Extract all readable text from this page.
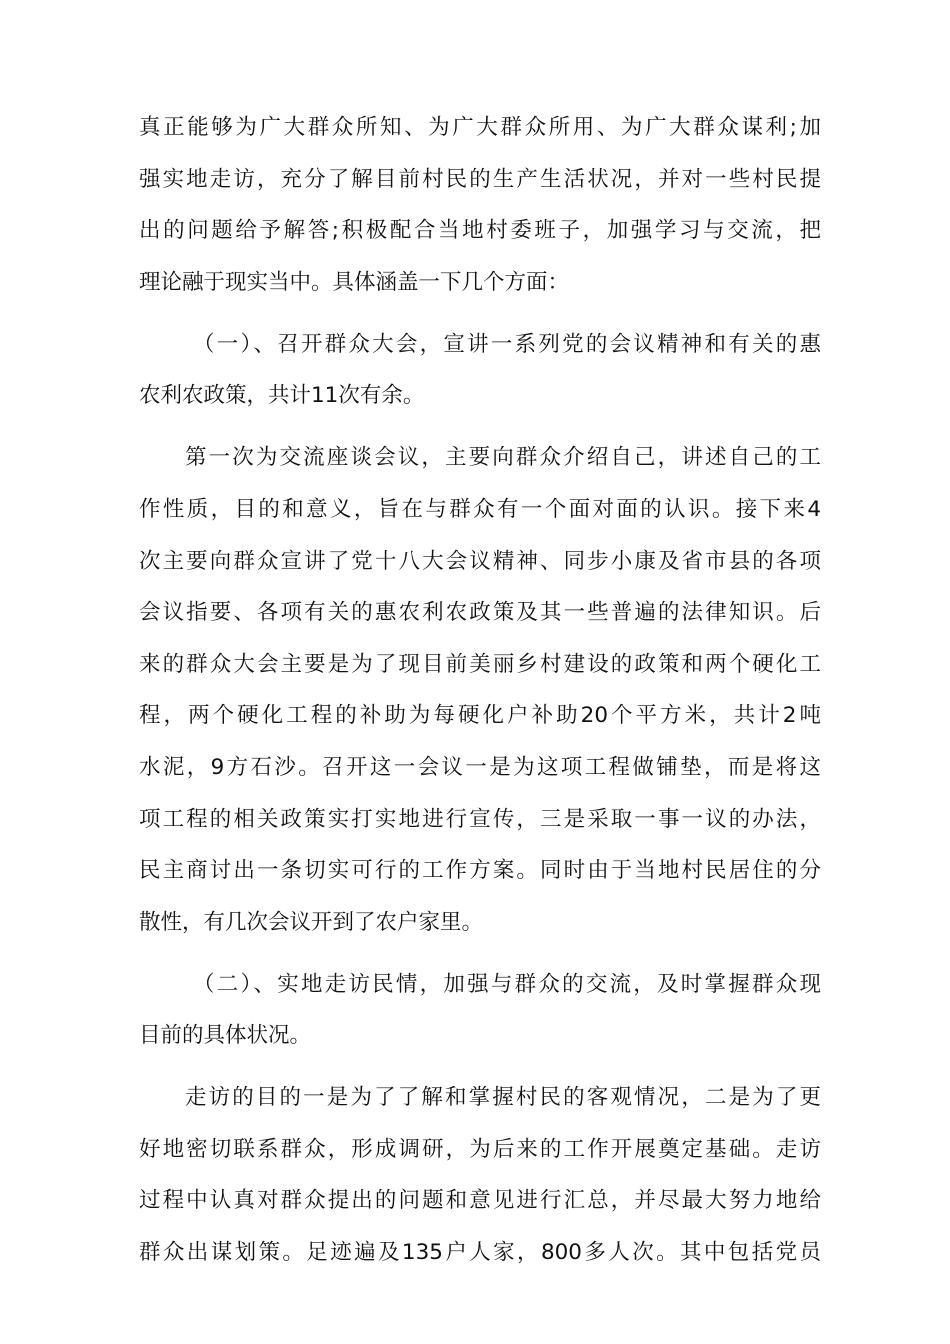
真正能够为广大群众所知、为广大群众所用、为广大群众谋利;加
强实地走访，充分了解目前村民的生产生活状况，并对一些村民提
出的问题给予解答;积极配合当地村委班子，加强学习与交流，把
理论融于现实当中。具体涵盖一下几个方面：
（一）、召开群众大会，宣讲一系列党的会议精神和有关的惠
农利农政策，共计11次有余。
第一次为交流座谈会议，主要向群众介绍自己，讲述自己的工
作性质，目的和意义，旨在与群众有一个面对面的认识。接下来4
次主要向群众宣讲了党十八大会议精神、同步小康及省市县的各项
会议指要、各项有关的惠农利农政策及其一些普遍的法律知识。后
来的群众大会主要是为了现目前美丽乡村建设的政策和两个硬化工
程，两个硬化工程的补助为每硬化户补助20个平方米，共计2吨
水泥，9方石沙。召开这一会议一是为这项工程做铺垫，而是将这
项工程的相关政策实打实地进行宣传，三是采取一事一议的办法，
民主商讨出一条切实可行的工作方案。同时由于当地村民居住的分
散性，有几次会议开到了农户家里。
（二）、实地走访民情，加强与群众的交流，及时掌握群众现
目前的具体状况。
走访的目的一是为了了解和掌握村民的客观情况，二是为了更
好地密切联系群众，形成调研，为后来的工作开展奠定基础。走访
过程中认真对群众提出的问题和意见进行汇总，并尽最大努力地给
群众出谋划策。足迹遍及135户人家，800多人次。其中包括党员
